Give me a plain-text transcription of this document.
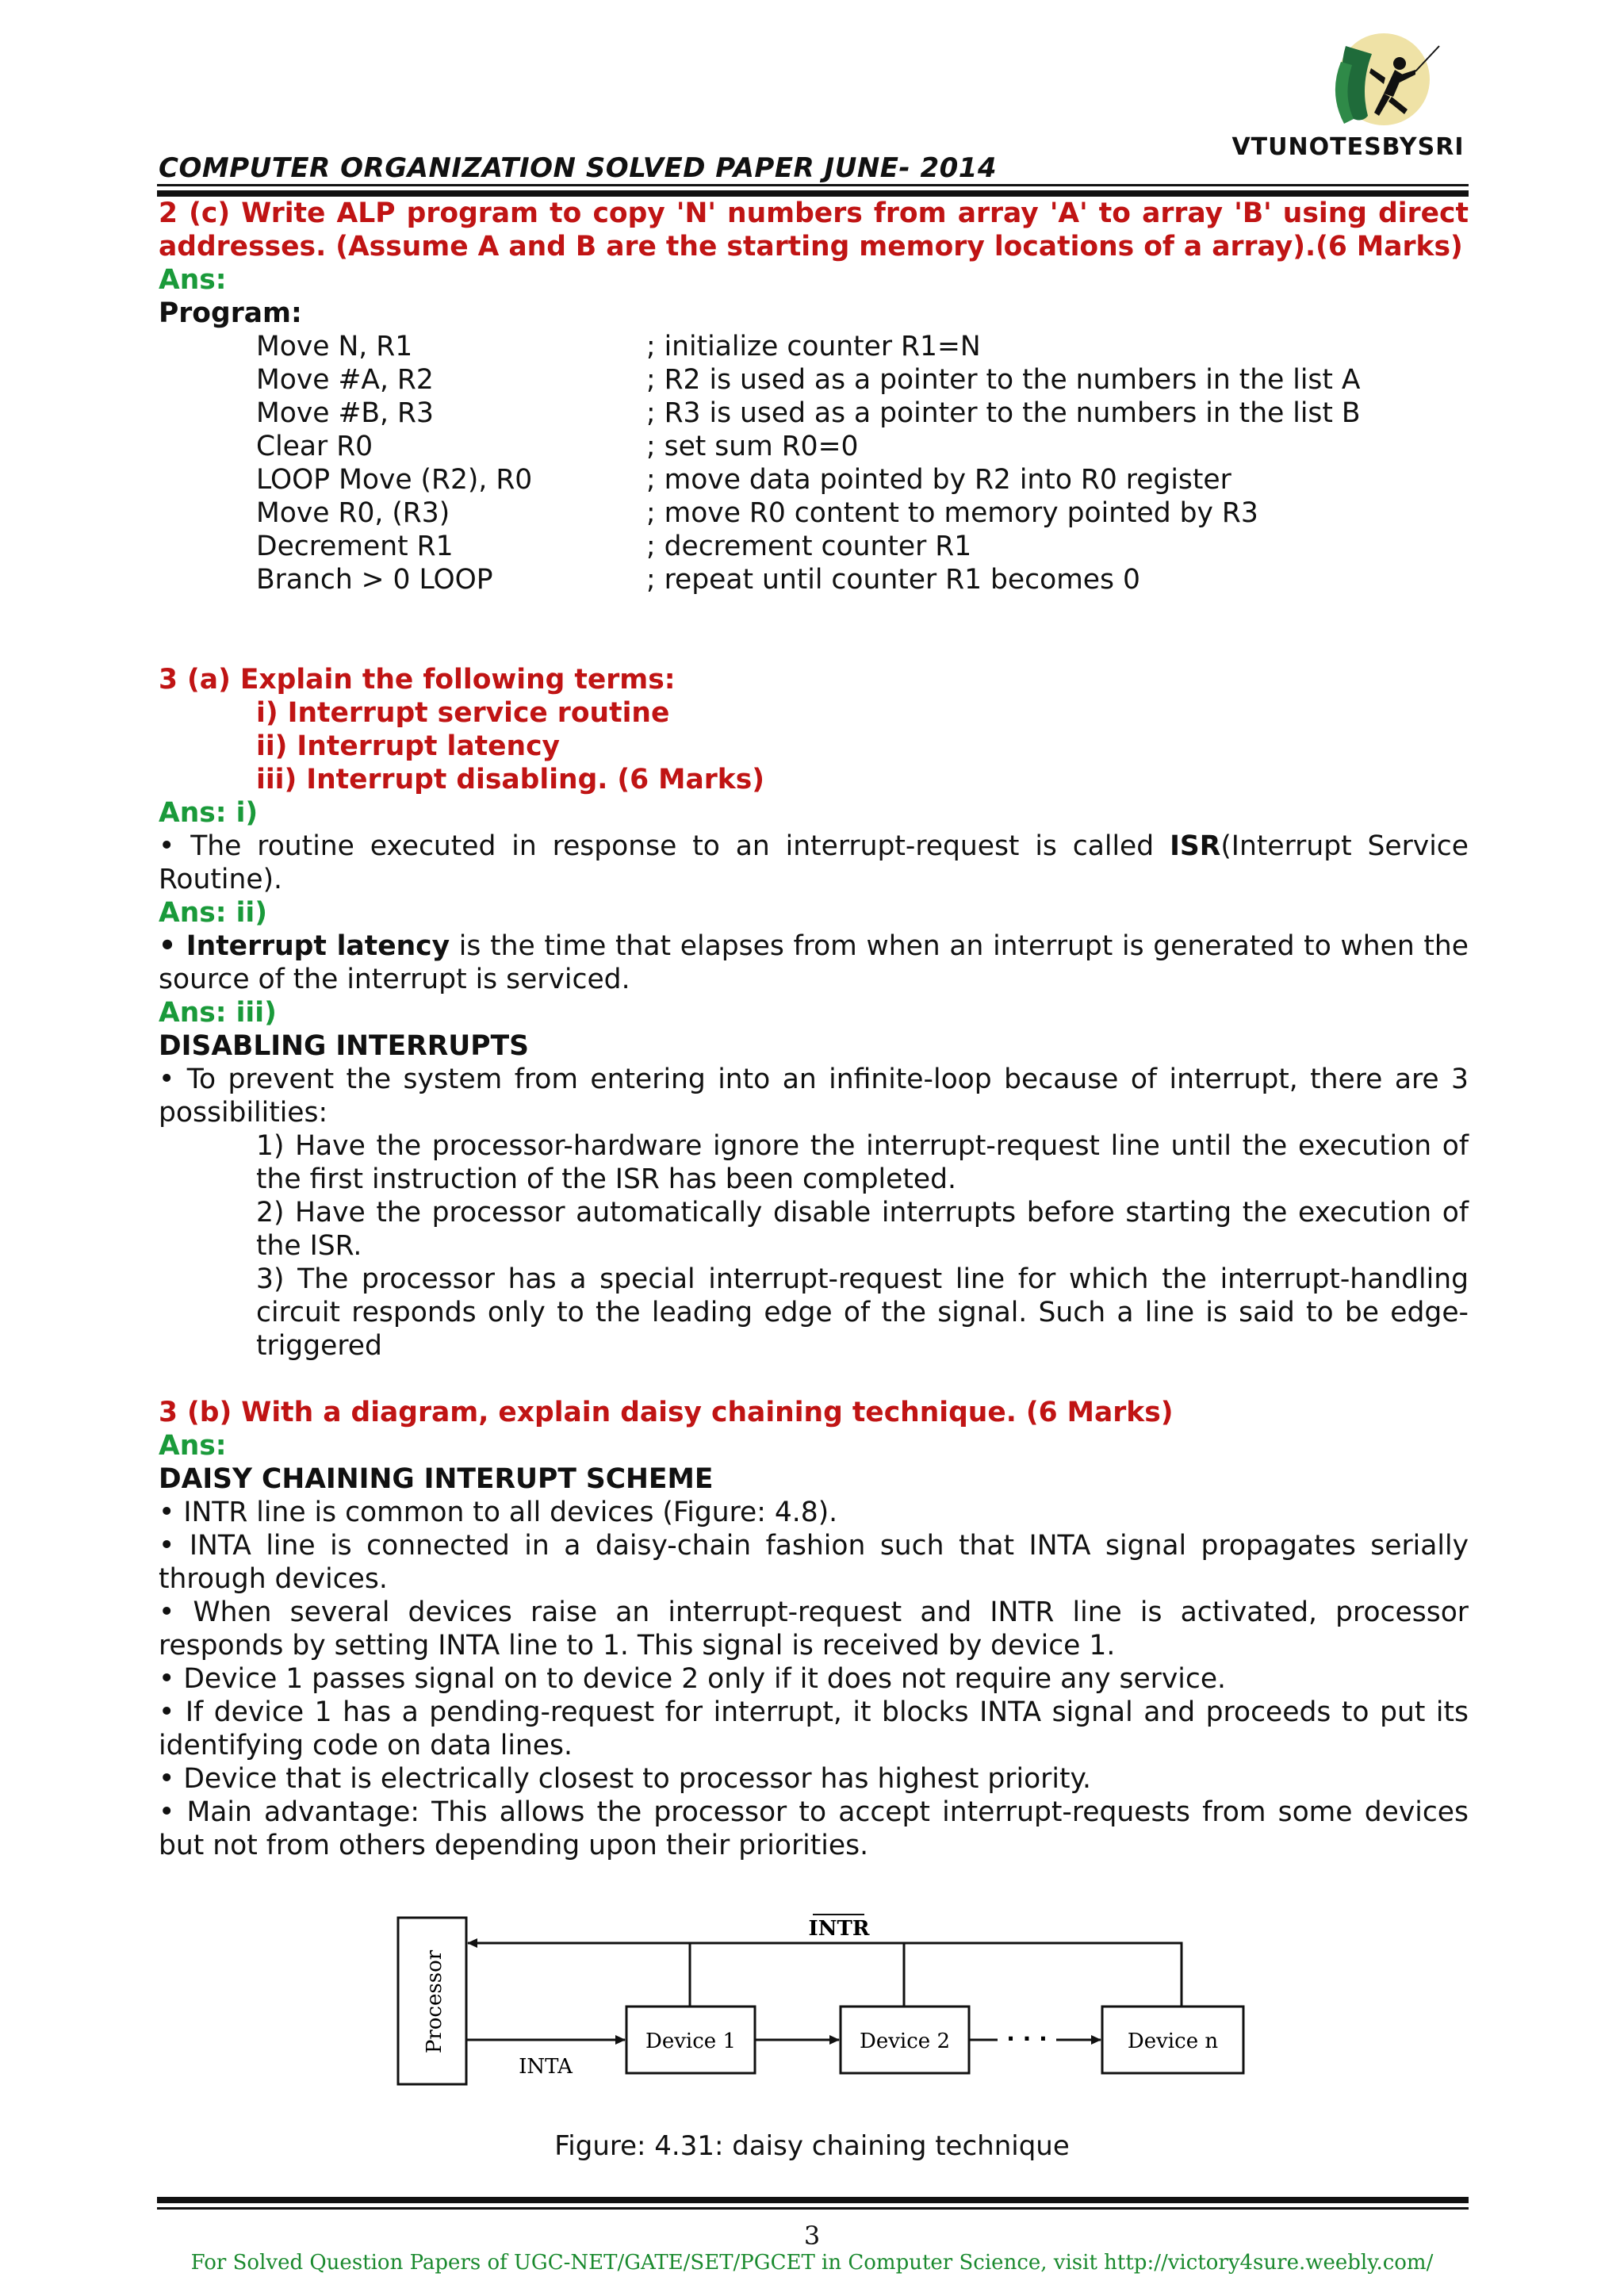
VTUNOTESBYSRI
COMPUTER ORGANIZATION SOLVED PAPER JUNE- 2014

2 (c) Write ALP program to copy 'N' numbers from array 'A' to array 'B' using direct addresses. (Assume A and B are the starting memory locations of a array).(6 Marks)

Ans:

Program:

Move N, R1	; initialize counter R1=N
Move #A, R2	; R2 is used as a pointer to the numbers in the list A
Move #B, R3	; R3 is used as a pointer to the numbers in the list B
Clear R0	; set sum R0=0
LOOP Move (R2), R0	; move data pointed by R2 into R0 register
Move R0, (R3)	; move R0 content to memory pointed by R3
Decrement R1	; decrement counter R1
Branch > 0 LOOP	; repeat until counter R1 becomes 0

3 (a) Explain the following terms:

i) Interrupt service routine

ii) Interrupt latency

iii) Interrupt disabling. (6 Marks)

Ans: i)

• The routine executed in response to an interrupt-request is called ISR(Interrupt Service Routine).

Ans: ii)

• Interrupt latency is the time that elapses from when an interrupt is generated to when the source of the interrupt is serviced.

Ans: iii)

DISABLING INTERRUPTS

• To prevent the system from entering into an infinite-loop because of interrupt, there are 3 possibilities:

1) Have the processor-hardware ignore the interrupt-request line until the execution of the first instruction of the ISR has been completed.

2) Have the processor automatically disable interrupts before starting the execution of the ISR.

3) The processor has a special interrupt-request line for which the interrupt-handling circuit responds only to the leading edge of the signal. Such a line is said to be edge-triggered

3 (b) With a diagram, explain daisy chaining technique. (6 Marks)

Ans:

DAISY CHAINING INTERUPT SCHEME

• INTR line is common to all devices (Figure: 4.8).

• INTA line is connected in a daisy-chain fashion such that INTA signal propagates serially through devices.

• When several devices raise an interrupt-request and INTR line is activated, processor responds by setting INTA line to 1. This signal is received by device 1.

• Device 1 passes signal on to device 2 only if it does not require any service.

• If device 1 has a pending-request for interrupt, it blocks INTA signal and proceeds to put its identifying code on data lines.

• Device that is electrically closest to processor has highest priority.

• Main advantage: This allows the processor to accept interrupt-requests from some devices but not from others depending upon their priorities.

Processor
INTR
INTA
Device 1	Device 2	· · ·	Device n
Figure: 4.31: daisy chaining technique
3
For Solved Question Papers of UGC-NET/GATE/SET/PGCET in Computer Science, visit http://victory4sure.weebly.com/
